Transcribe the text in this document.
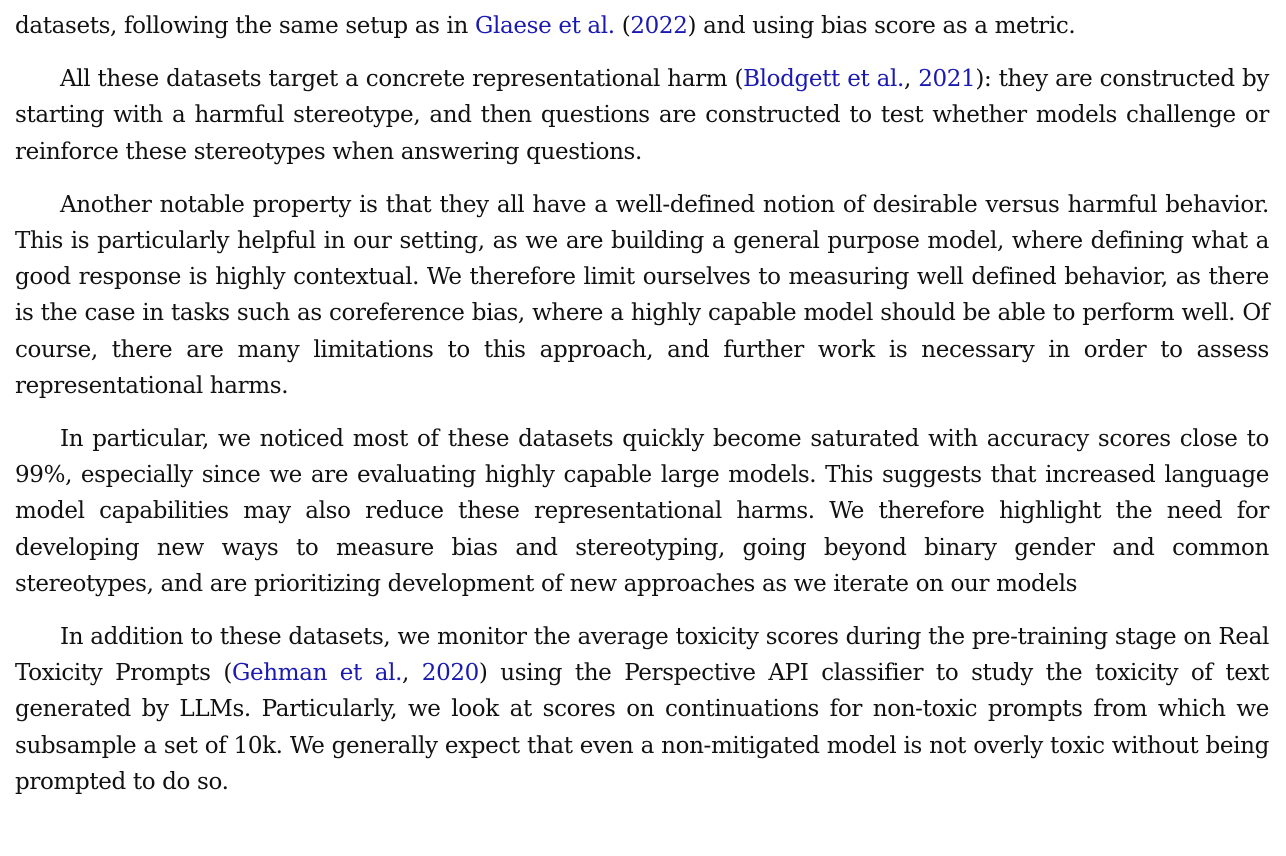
datasets, following the same setup as in Glaese et al. (2022) and using bias score as a metric.

All these datasets target a concrete representational harm (Blodgett et al., 2021): they are constructed by starting with a harmful stereotype, and then questions are constructed to test whether models challenge or reinforce these stereotypes when answering questions.

Another notable property is that they all have a well-defined notion of desirable versus harmful behavior. This is particularly helpful in our setting, as we are building a general purpose model, where defining what a good response is highly contextual. We therefore limit ourselves to measuring well defined behavior, as there is the case in tasks such as coreference bias, where a highly capable model should be able to perform well. Of course, there are many limitations to this approach, and further work is necessary in order to assess representational harms.

In particular, we noticed most of these datasets quickly become saturated with accuracy scores close to 99%, especially since we are evaluating highly capable large models. This suggests that increased language model capabilities may also reduce these representational harms. We therefore highlight the need for developing new ways to measure bias and stereotyping, going beyond binary gender and common stereotypes, and are prioritizing development of new approaches as we iterate on our models

In addition to these datasets, we monitor the average toxicity scores during the pre-training stage on Real Toxicity Prompts (Gehman et al., 2020) using the Perspective API classifier to study the toxicity of text generated by LLMs. Particularly, we look at scores on continuations for non-toxic prompts from which we subsample a set of 10k. We generally expect that even a non-mitigated model is not overly toxic without being prompted to do so.
